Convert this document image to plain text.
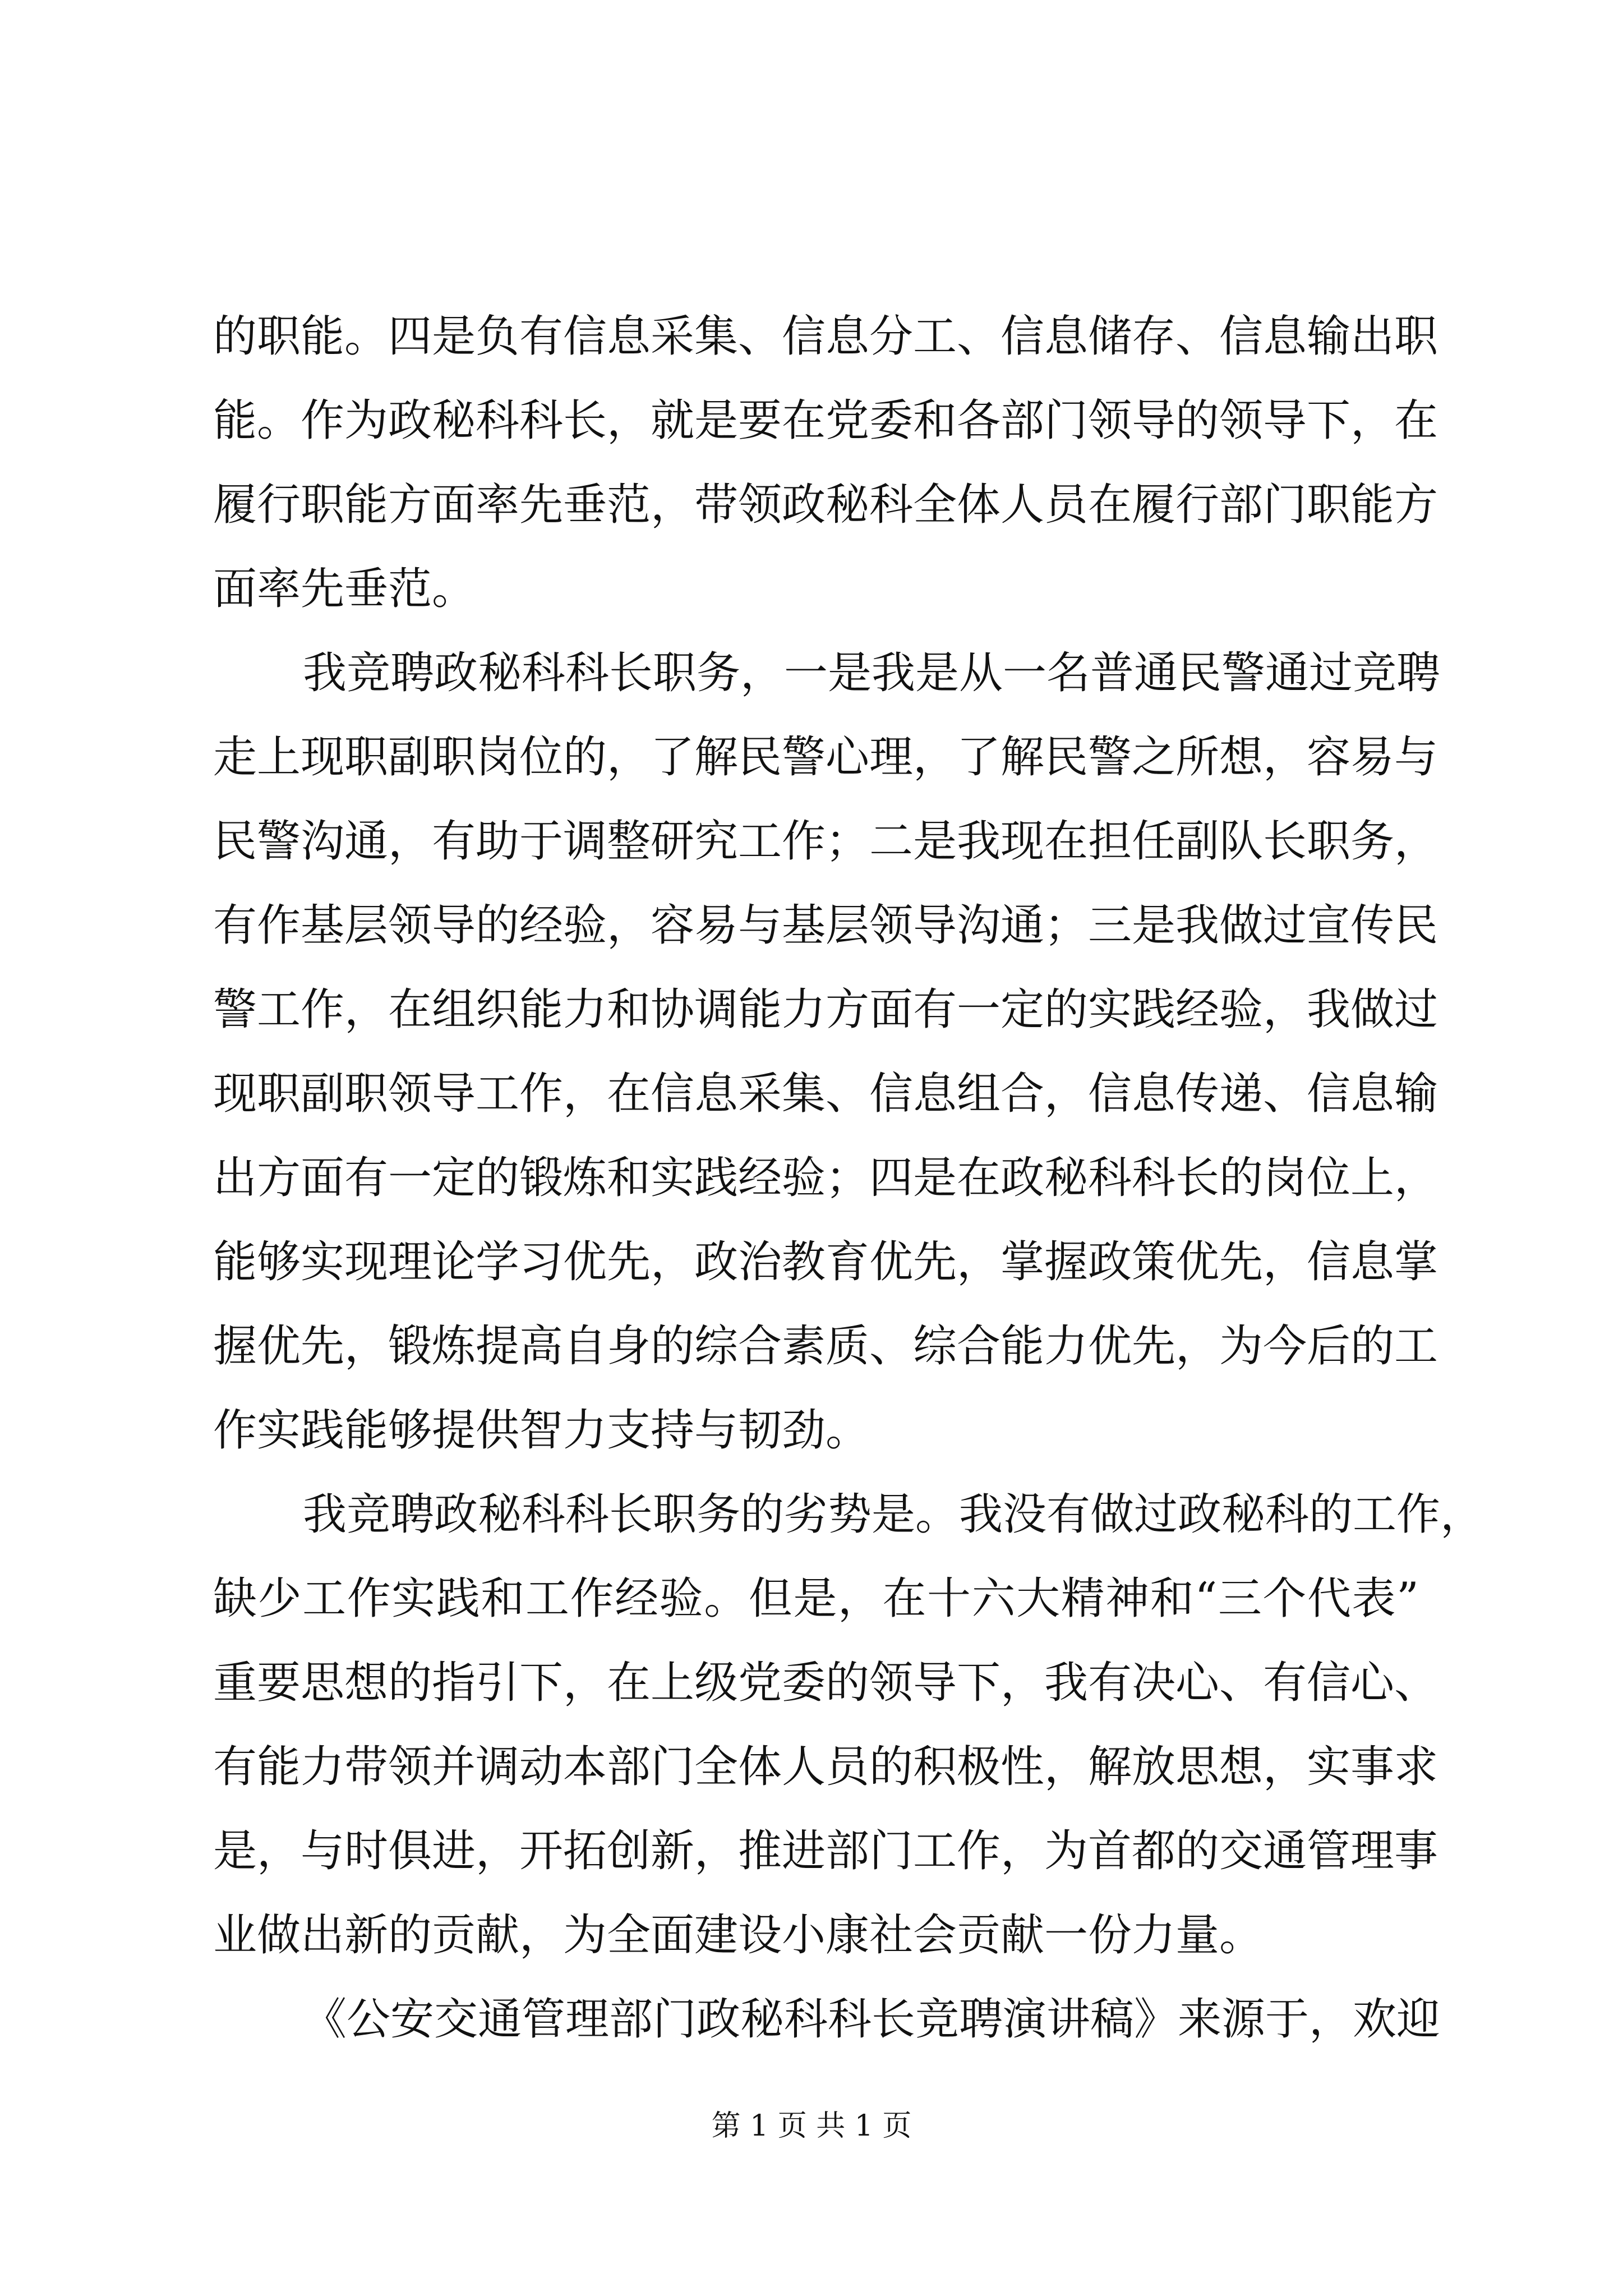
的职能。四是负有信息采集、信息分工、信息储存、信息输出职
能。作为政秘科科长，就是要在党委和各部门领导的领导下，在
履行职能方面率先垂范，带领政秘科全体人员在履行部门职能方
面率先垂范。
我竞聘政秘科科长职务，一是我是从一名普通民警通过竞聘
走上现职副职岗位的，了解民警心理，了解民警之所想，容易与
民警沟通，有助于调整研究工作；二是我现在担任副队长职务，
有作基层领导的经验，容易与基层领导沟通；三是我做过宣传民
警工作，在组织能力和协调能力方面有一定的实践经验，我做过
现职副职领导工作，在信息采集、信息组合，信息传递、信息输
出方面有一定的锻炼和实践经验；四是在政秘科科长的岗位上，
能够实现理论学习优先，政治教育优先，掌握政策优先，信息掌
握优先，锻炼提高自身的综合素质、综合能力优先，为今后的工
作实践能够提供智力支持与韧劲。
我竞聘政秘科科长职务的劣势是。我没有做过政秘科的工作，
缺少工作实践和工作经验。但是，在十六大精神和“三个代表”
重要思想的指引下，在上级党委的领导下，我有决心、有信心、
有能力带领并调动本部门全体人员的积极性，解放思想，实事求
是，与时俱进，开拓创新，推进部门工作，为首都的交通管理事
业做出新的贡献，为全面建设小康社会贡献一份力量。
《公安交通管理部门政秘科科长竞聘演讲稿》来源于，欢迎
第 1 页 共 1 页
